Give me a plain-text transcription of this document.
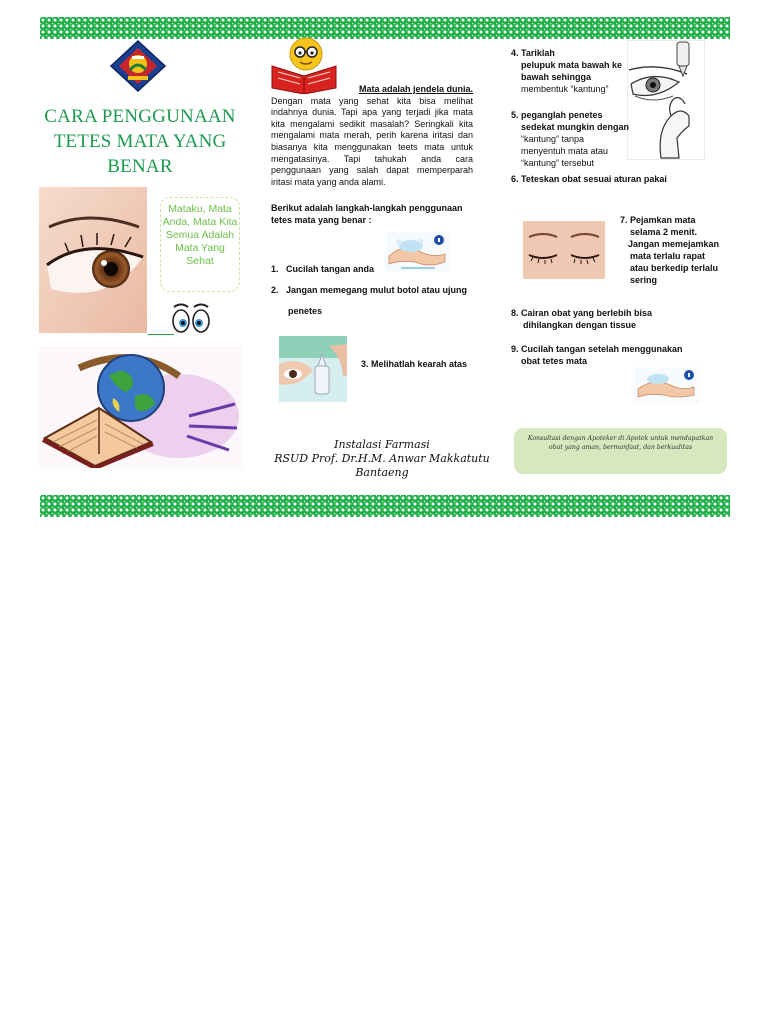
CARA PENGGUNAAN TETES MATA YANG BENAR
Mataku, Mata Anda, Mata Kita Semua Adalah Mata Yang Sehat
Mata adalah jendela dunia.
Dengan mata yang sehat kita bisa melihat indahnya dunia. Tapi apa yang terjadi jika mata kita mengalami sedikit masalah? Seringkali kita mengalami mata merah, perih karena iritasi dan biasanya kita menggunakan teets mata untuk mengatasinya. Tapi tahukah anda cara penggunaan yang salah dapat memperparah iritasi mata yang anda alami.
Berikut adalah langkah-langkah penggunaan tetes mata yang benar :
1. Cucilah tangan anda
2. Jangan memegang mulut botol atau ujung
penetes
3. Melihatlah kearah atas
Instalasi Farmasi
RSUD Prof. Dr.H.M. Anwar Makkatutu
Bantaeng
4. Tariklah
pelupuk mata bawah ke
bawah sehingga
membentuk “kantung”
5. peganglah penetes
sedekat mungkin dengan
“kantung” tanpa
menyentuh mata atau
“kantung” tersebut
6. Teteskan obat sesuai aturan pakai
7. Pejamkan mata
selama 2 menit.
Jangan memejamkan
mata terlalu rapat
atau berkedip terlalu
sering
8. Cairan obat yang berlebih bisa
dihilangkan dengan tissue
9. Cucilah tangan setelah menggunakan
obat tetes mata
Konsultasi dengan Apoteker di Apotek untuk mendapatkan obat yang aman, bermanfaat, dan berkualitas
